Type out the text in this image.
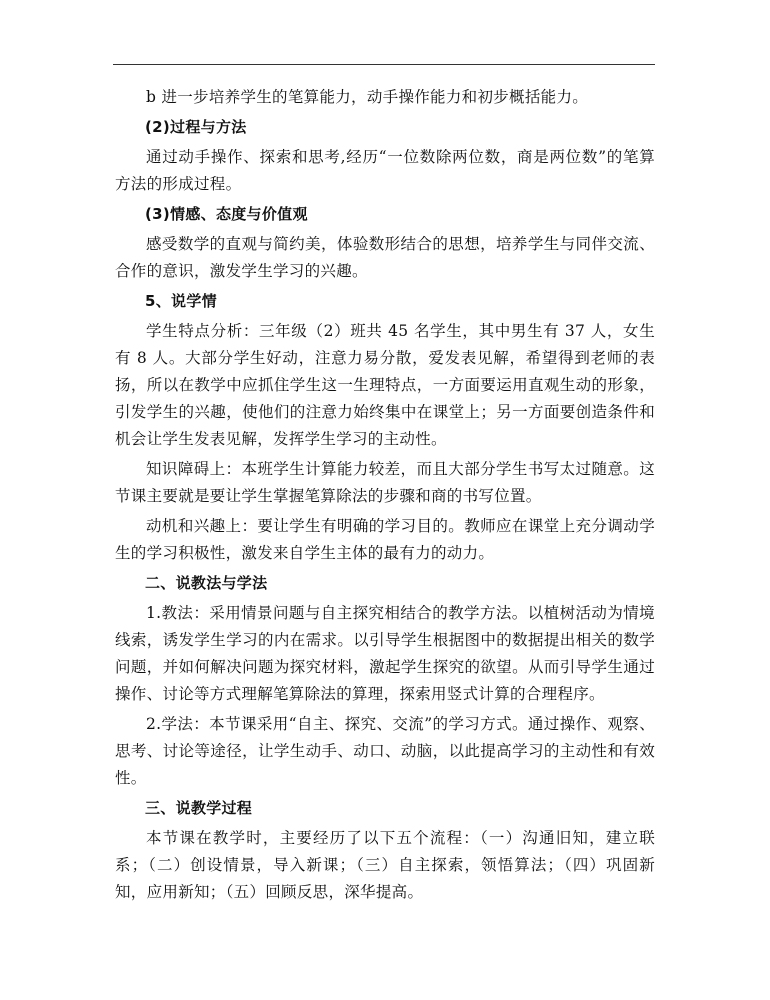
b 进一步培养学生的笔算能力，动手操作能力和初步概括能力。

(2)过程与方法

通过动手操作、探索和思考,经历“一位数除两位数，商是两位数”的笔算方法的形成过程。

(3)情感、态度与价值观

感受数学的直观与简约美，体验数形结合的思想，培养学生与同伴交流、合作的意识，激发学生学习的兴趣。

5、说学情

学生特点分析：三年级（2）班共 45 名学生，其中男生有 37 人，女生有 8 人。大部分学生好动，注意力易分散，爱发表见解，希望得到老师的表扬，所以在教学中应抓住学生这一生理特点，一方面要运用直观生动的形象，引发学生的兴趣，使他们的注意力始终集中在课堂上；另一方面要创造条件和机会让学生发表见解，发挥学生学习的主动性。

知识障碍上：本班学生计算能力较差，而且大部分学生书写太过随意。这节课主要就是要让学生掌握笔算除法的步骤和商的书写位置。

动机和兴趣上：要让学生有明确的学习目的。教师应在课堂上充分调动学生的学习积极性，激发来自学生主体的最有力的动力。

二、说教法与学法

1.教法：采用情景问题与自主探究相结合的教学方法。以植树活动为情境线索，诱发学生学习的内在需求。以引导学生根据图中的数据提出相关的数学问题，并如何解决问题为探究材料，激起学生探究的欲望。从而引导学生通过操作、讨论等方式理解笔算除法的算理，探索用竖式计算的合理程序。

2.学法：本节课采用“自主、探究、交流”的学习方式。通过操作、观察、思考、讨论等途径，让学生动手、动口、动脑，以此提高学习的主动性和有效性。

三、说教学过程

本节课在教学时，主要经历了以下五个流程：（一）沟通旧知，建立联系；（二）创设情景，导入新课；（三）自主探索，领悟算法；（四）巩固新知，应用新知；（五）回顾反思，深华提高。
